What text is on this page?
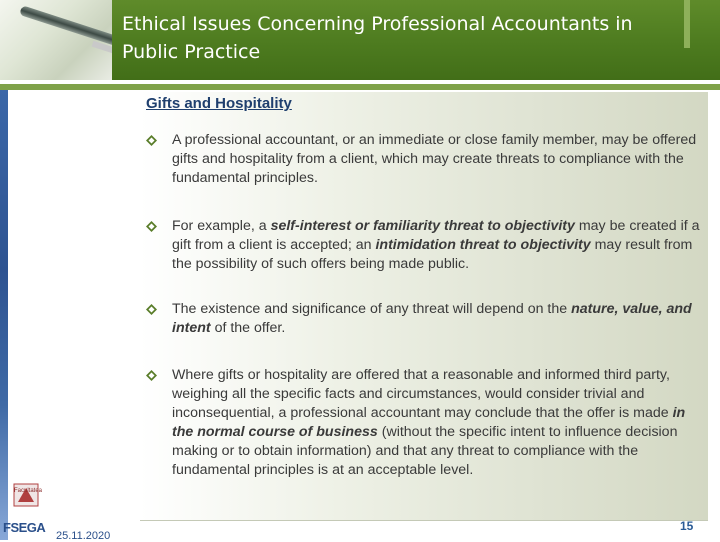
Ethical Issues Concerning Professional Accountants in Public Practice
Gifts and Hospitality
A professional accountant, or an immediate or close family member, may be offered gifts and hospitality from a client, which may create threats to compliance with the fundamental principles.
For example, a self-interest or familiarity threat to objectivity may be created if a gift from a client is accepted; an intimidation threat to objectivity may result from the possibility of such offers being made public.
The existence and significance of any threat will depend on the nature, value, and intent of the offer.
Where gifts or hospitality are offered that a reasonable and informed third party, weighing all the specific facts and circumstances, would consider trivial and inconsequential, a professional accountant may conclude that the offer is made in the normal course of business (without the specific intent to influence decision making or to obtain information) and that any threat to compliance with the fundamental principles is at an acceptable level.
Facultatea
FSEGA
25.11.2020
15
